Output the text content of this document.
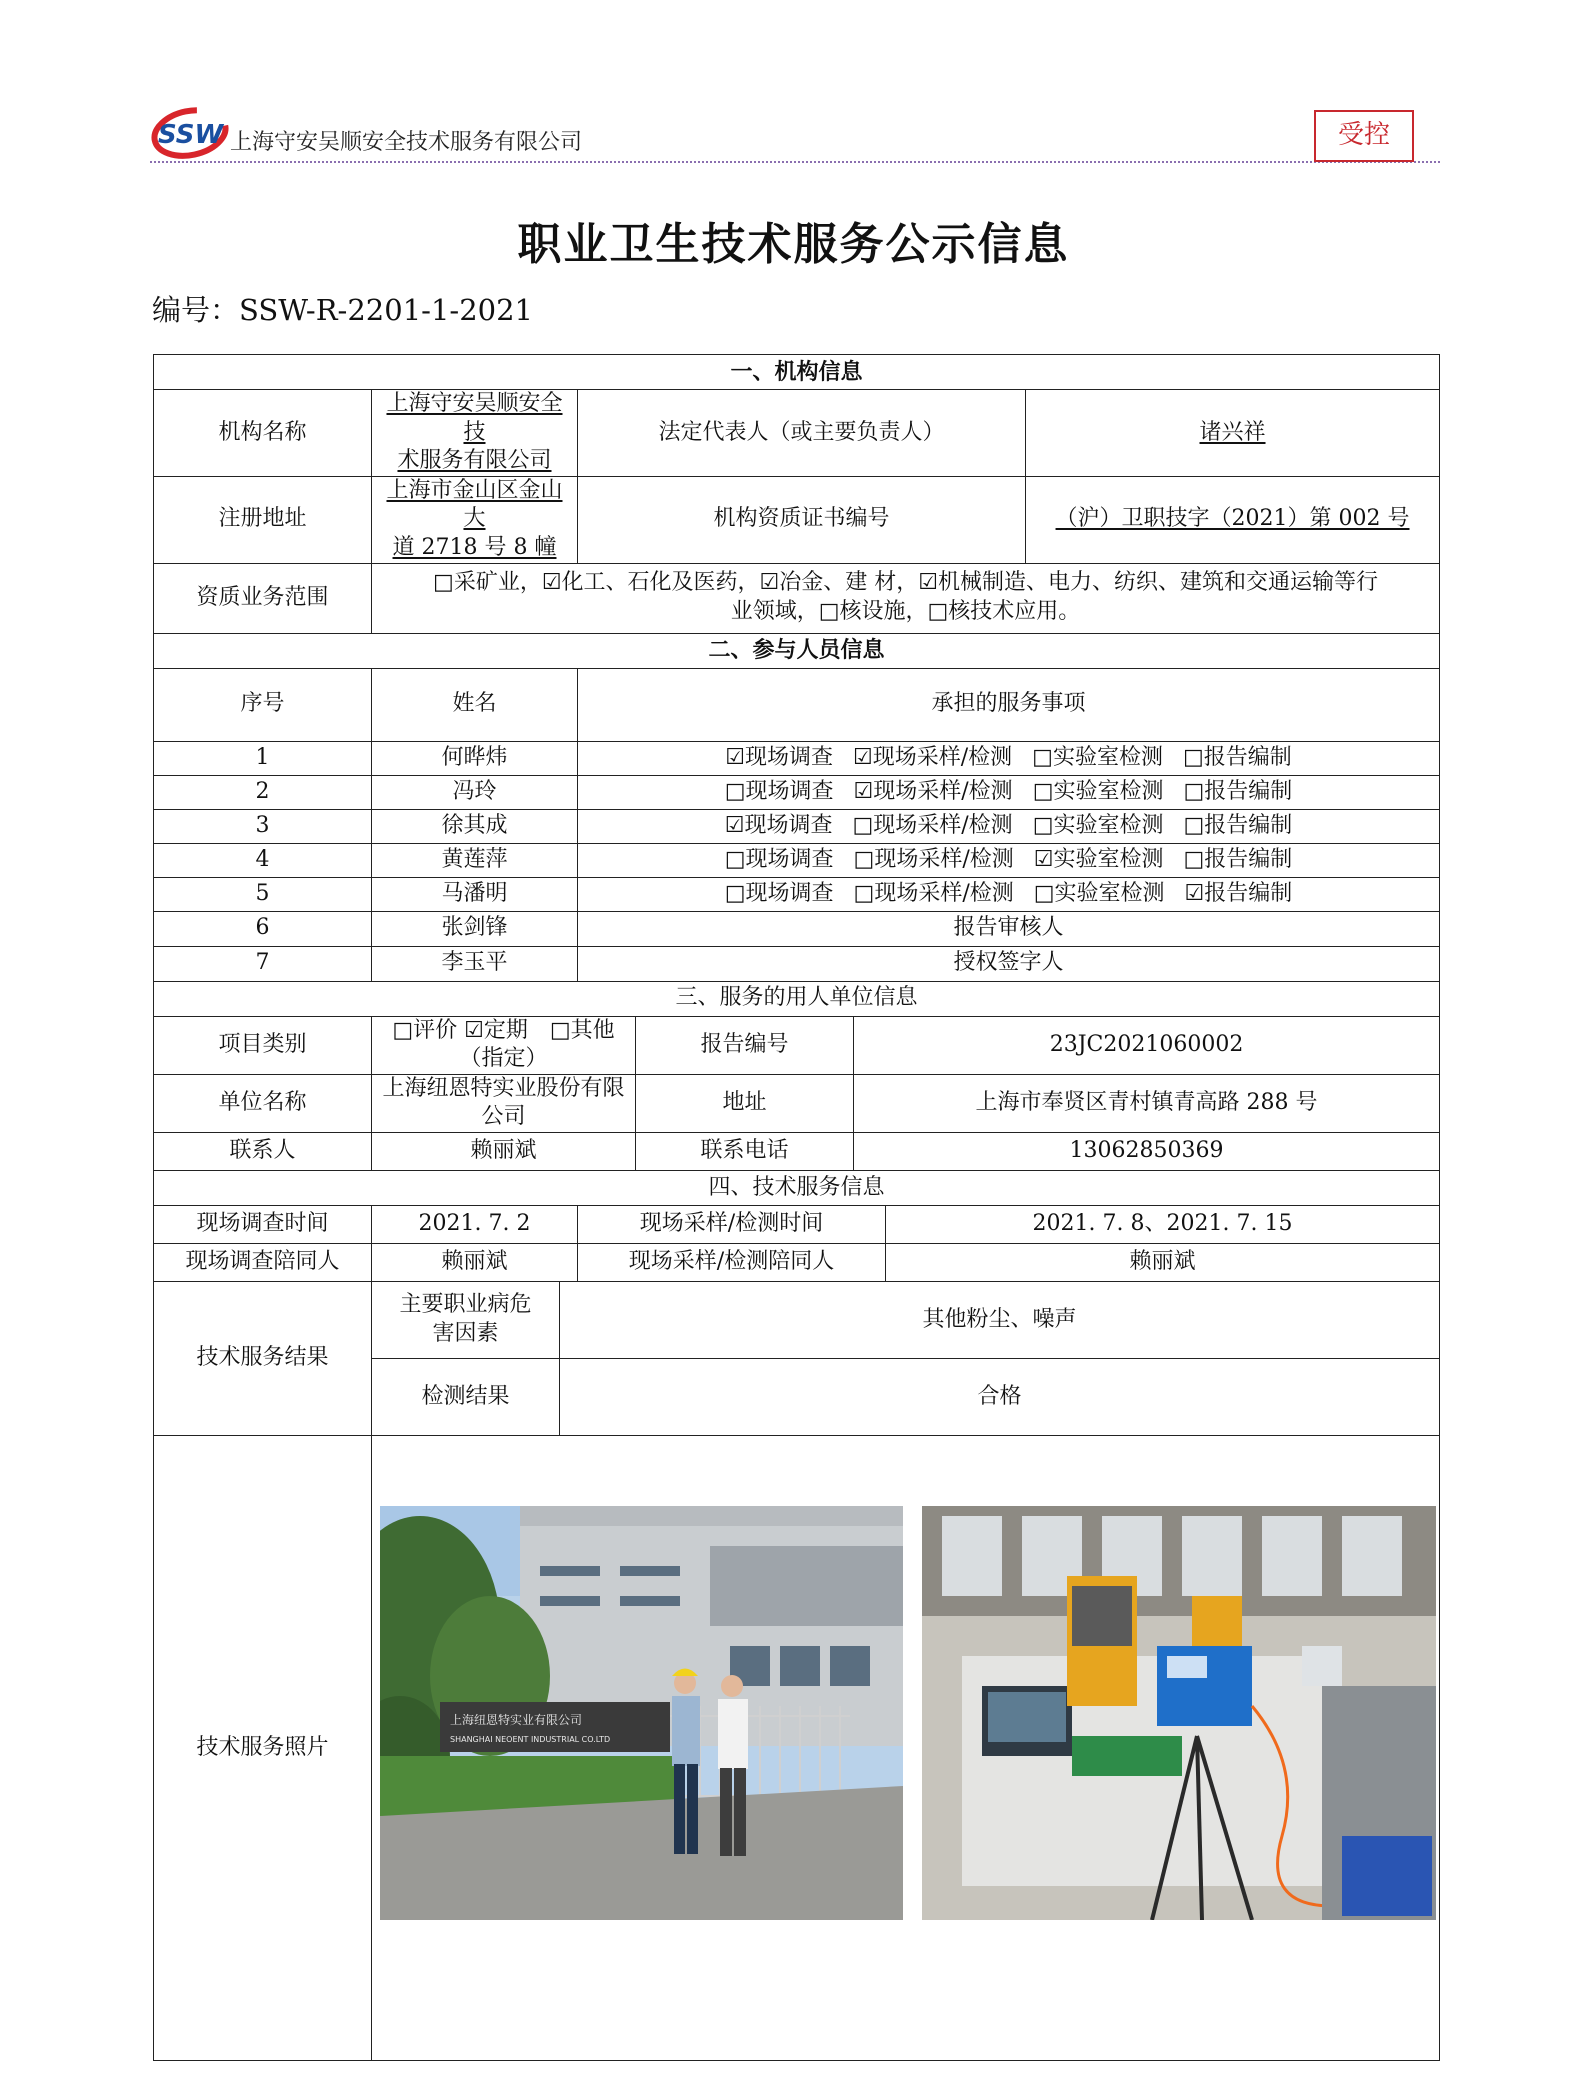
SSW 上海守安吴顺安全技术服务有限公司	受控
职业卫生技术服务公示信息
编号：SSW-R-2201-1-2021
一、机构信息							
机构名称	上海守安吴顺安全技
术服务有限公司		法定代表人（或主要负责人）				诸兴祥
注册地址	上海市金山区金山大
道 2718 号 8 幢		机构资质证书编号				（沪）卫职技字（2021）第 002 号
资质业务范围	□采矿业，☑化工、石化及医药，☑冶金、建 材，☑机械制造、电力、纺织、建筑和交通运输等行
业领域，□核设施，□核技术应用。						
二、参与人员信息							
序号	姓名		承担的服务事项				
1	何晔炜		☑现场调查 ☑现场采样/检测 □实验室检测 □报告编制				
2	冯玲		□现场调查 ☑现场采样/检测 □实验室检测 □报告编制				
3	徐其成		☑现场调查 □现场采样/检测 □实验室检测 □报告编制				
4	黄莲萍		□现场调查 □现场采样/检测 ☑实验室检测 □报告编制				
5	马潘明		□现场调查 □现场采样/检测 □实验室检测 ☑报告编制				
6	张剑锋		报告审核人				
7	李玉平		授权签字人				
三、服务的用人单位信息							
项目类别	□评价 ☑定期　□其他（指定）			报告编号	23JC2021060002		
单位名称	上海纽恩特实业股份有限公司			地址	上海市奉贤区青村镇青高路 288 号		
联系人	赖丽斌			联系电话	13062850369		
四、技术服务信息							
现场调查时间	2021. 7. 2		现场采样/检测时间			2021. 7. 8、2021. 7. 15	
现场调查陪同人	赖丽斌		现场采样/检测陪同人			赖丽斌	
技术服务结果	主要职业病危
害因素	其他粉尘、噪声					
	检测结果	合格					
技术服务照片	上海纽恩特实业有限公司
SHANGHAI NEOENT INDUSTRIAL CO.LTD						
